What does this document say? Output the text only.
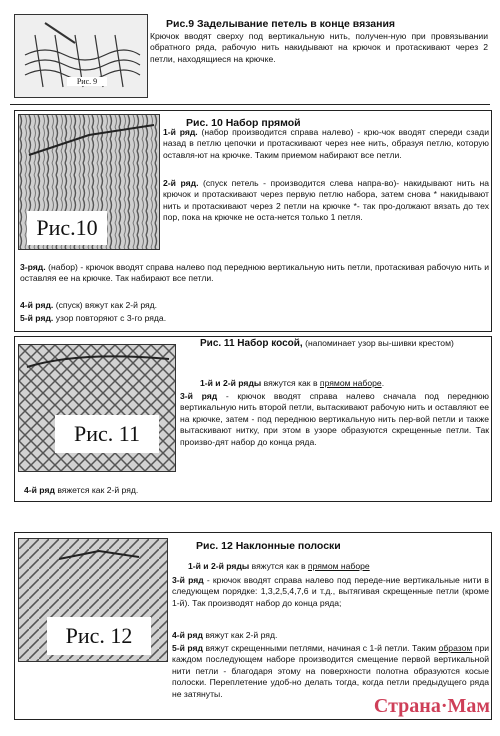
Рис. 9
Рис.9 Заделывание петель в конце вязания
Крючок вводят сверху под вертикальную нить, получен-ную при провязывании обратного ряда, рабочую нить накидывают на крючок и протаскивают через 2 петли, находящиеся на крючке.
Рис.10
Рис. 10 Набор прямой
1-й ряд. (набор производится справа налево) - крю-чок вводят спереди сзади назад в петлю цепочки и протаскивают через нее нить, образуя петлю, которую оставля-ют на крючке. Таким приемом набирают все петли.
2-й ряд. (спуск петель - производится слева напра-во)- накидывают нить на крючок и протаскивают через первую петлю набора, затем снова * накидывают нить и протаскивают через 2 петли на крючке *- так про-должают вязать до тех пор, пока на крючке не оста-нется только 1 петля.
3-ряд. (набор) - крючок вводят справа налево под переднюю вертикальную нить петли, протаскивая рабочую нить и оставляя ее на крючке. Так набирают все петли.
4-й ряд. (спуск) вяжут как 2-й ряд.
5-й ряд. узор повторяют с 3-го ряда.
Рис. 11
Рис. 11 Набор косой, (напоминает узор вы-шивки крестом)
1-й и 2-й ряды вяжутся как в прямом наборе.
3-й ряд - крючок вводят справа налево сначала под переднюю вертикальную нить второй петли, вытаскивают рабочую нить и оставляют ее на крючке, затем - под переднюю вертикальную нить пер-вой петли и также вытаскивают нитку, при этом в узоре образуются скрещенные петли. Так произво-дят набор до конца ряда.
4-й ряд вяжется как 2-й ряд.
Рис. 12
Рис. 12 Наклонные полоски
1-й и 2-й ряды вяжутся как в прямом наборе
3-й ряд - крючок вводят справа налево под переде-ние вертикальные нити в следующем порядке: 1,3,2,5,4,7,6 и т.д., вытягивая скрещенные петли (кроме 1-й). Так производят набор до конца ряда;
4-й ряд вяжут как 2-й ряд.
5-й ряд вяжут скрещенными петлями, начиная с 1-й петли. Таким образом при каждом последующем наборе производится смещение первой вертикальной нити петли - благодаря этому на поверхности полотна образуются косые полоски. Переплетение удоб-но делать тогда, когда петли предыдущего ряда не затянуты.
Страна·Мам
